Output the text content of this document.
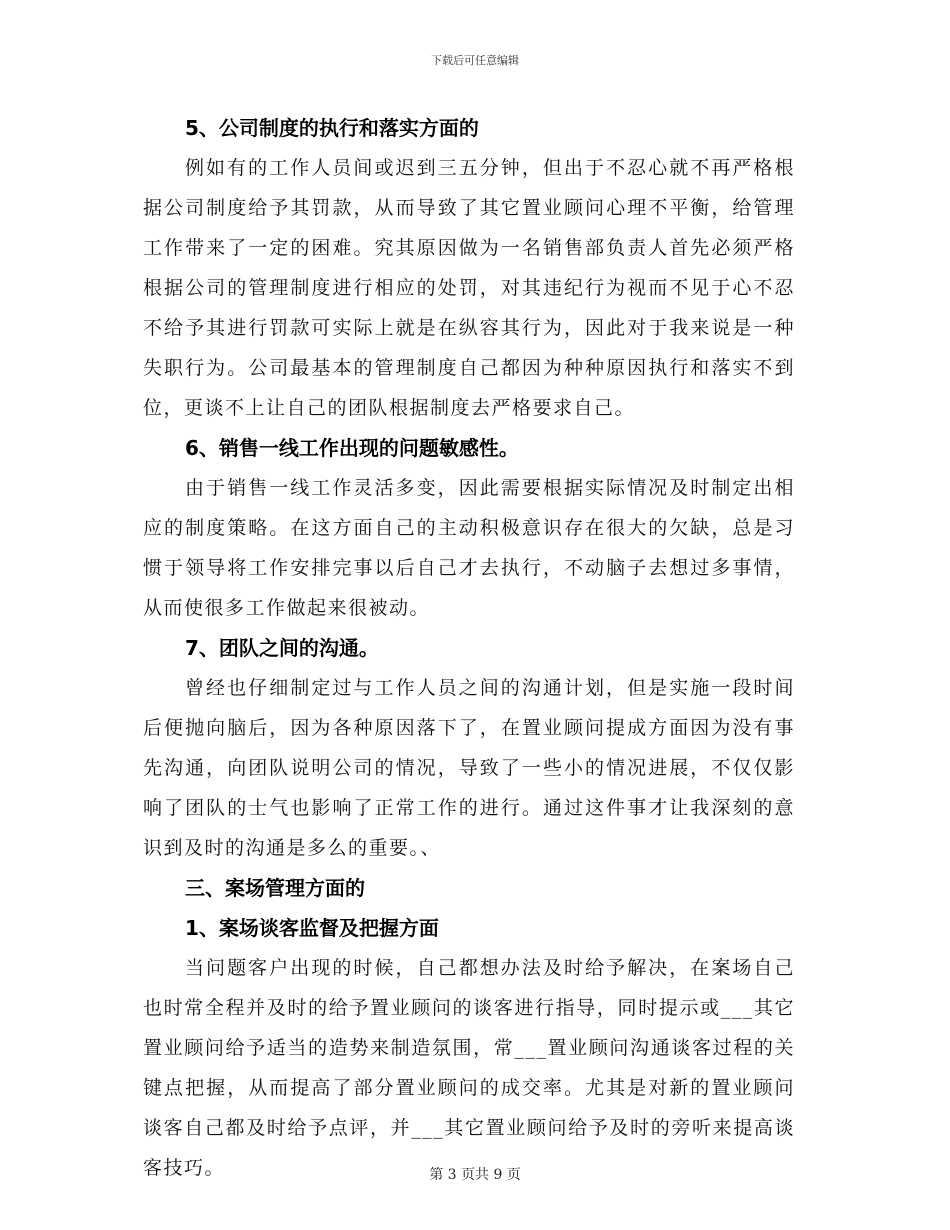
下载后可任意编辑
5、公司制度的执行和落实方面的

例如有的工作人员间或迟到三五分钟，但出于不忍心就不再严格根据公司制度给予其罚款，从而导致了其它置业顾问心理不平衡，给管理工作带来了一定的困难。究其原因做为一名销售部负责人首先必须严格根据公司的管理制度进行相应的处罚，对其违纪行为视而不见于心不忍不给予其进行罚款可实际上就是在纵容其行为，因此对于我来说是一种失职行为。公司最基本的管理制度自己都因为种种原因执行和落实不到位，更谈不上让自己的团队根据制度去严格要求自己。

6、销售一线工作出现的问题敏感性。

由于销售一线工作灵活多变，因此需要根据实际情况及时制定出相应的制度策略。在这方面自己的主动积极意识存在很大的欠缺，总是习惯于领导将工作安排完事以后自己才去执行，不动脑子去想过多事情，从而使很多工作做起来很被动。

7、团队之间的沟通。

曾经也仔细制定过与工作人员之间的沟通计划，但是实施一段时间后便抛向脑后，因为各种原因落下了，在置业顾问提成方面因为没有事先沟通，向团队说明公司的情况，导致了一些小的情况进展，不仅仅影响了团队的士气也影响了正常工作的进行。通过这件事才让我深刻的意识到及时的沟通是多么的重要。、

三、案场管理方面的
1、案场谈客监督及把握方面

当问题客户出现的时候，自己都想办法及时给予解决，在案场自己也时常全程并及时的给予置业顾问的谈客进行指导，同时提示或___其它置业顾问给予适当的造势来制造氛围，常___置业顾问沟通谈客过程的关键点把握，从而提高了部分置业顾问的成交率。尤其是对新的置业顾问谈客自己都及时给予点评，并___其它置业顾问给予及时的旁听来提高谈客技巧。	第 3 页共 9 页
